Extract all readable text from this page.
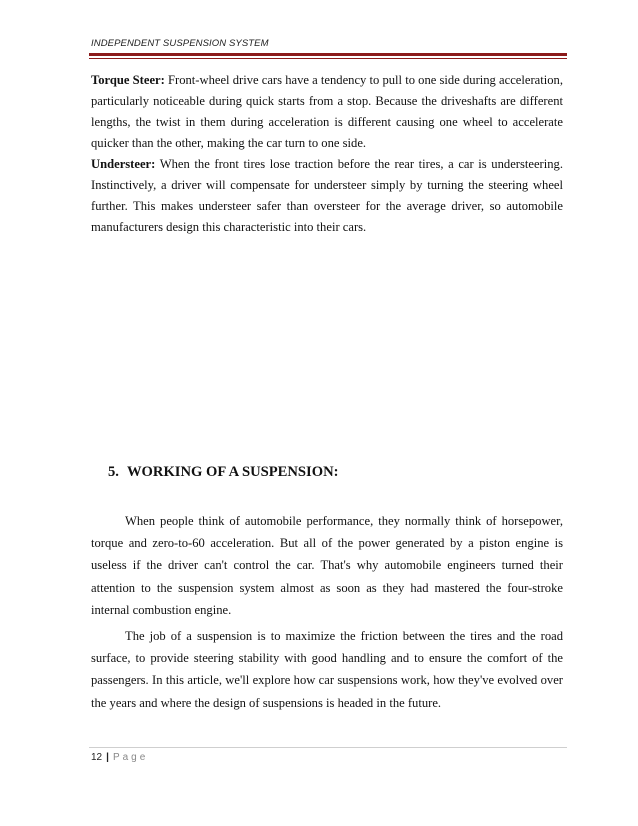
INDEPENDENT SUSPENSION SYSTEM

Torque Steer: Front-wheel drive cars have a tendency to pull to one side during acceleration, particularly noticeable during quick starts from a stop. Because the driveshafts are different lengths, the twist in them during acceleration is different causing one wheel to accelerate quicker than the other, making the car turn to one side.

Understeer: When the front tires lose traction before the rear tires, a car is understeering. Instinctively, a driver will compensate for understeer simply by turning the steering wheel further. This makes understeer safer than oversteer for the average driver, so automobile manufacturers design this characteristic into their cars.

5. WORKING OF A SUSPENSION:

When people think of automobile performance, they normally think of horsepower, torque and zero-to-60 acceleration. But all of the power generated by a piston engine is useless if the driver can't control the car. That's why automobile engineers turned their attention to the suspension system almost as soon as they had mastered the four-stroke internal combustion engine.

The job of a suspension is to maximize the friction between the tires and the road surface, to provide steering stability with good handling and to ensure the comfort of the passengers. In this article, we'll explore how car suspensions work, how they've evolved over the years and where the design of suspensions is headed in the future.

12 | Page
